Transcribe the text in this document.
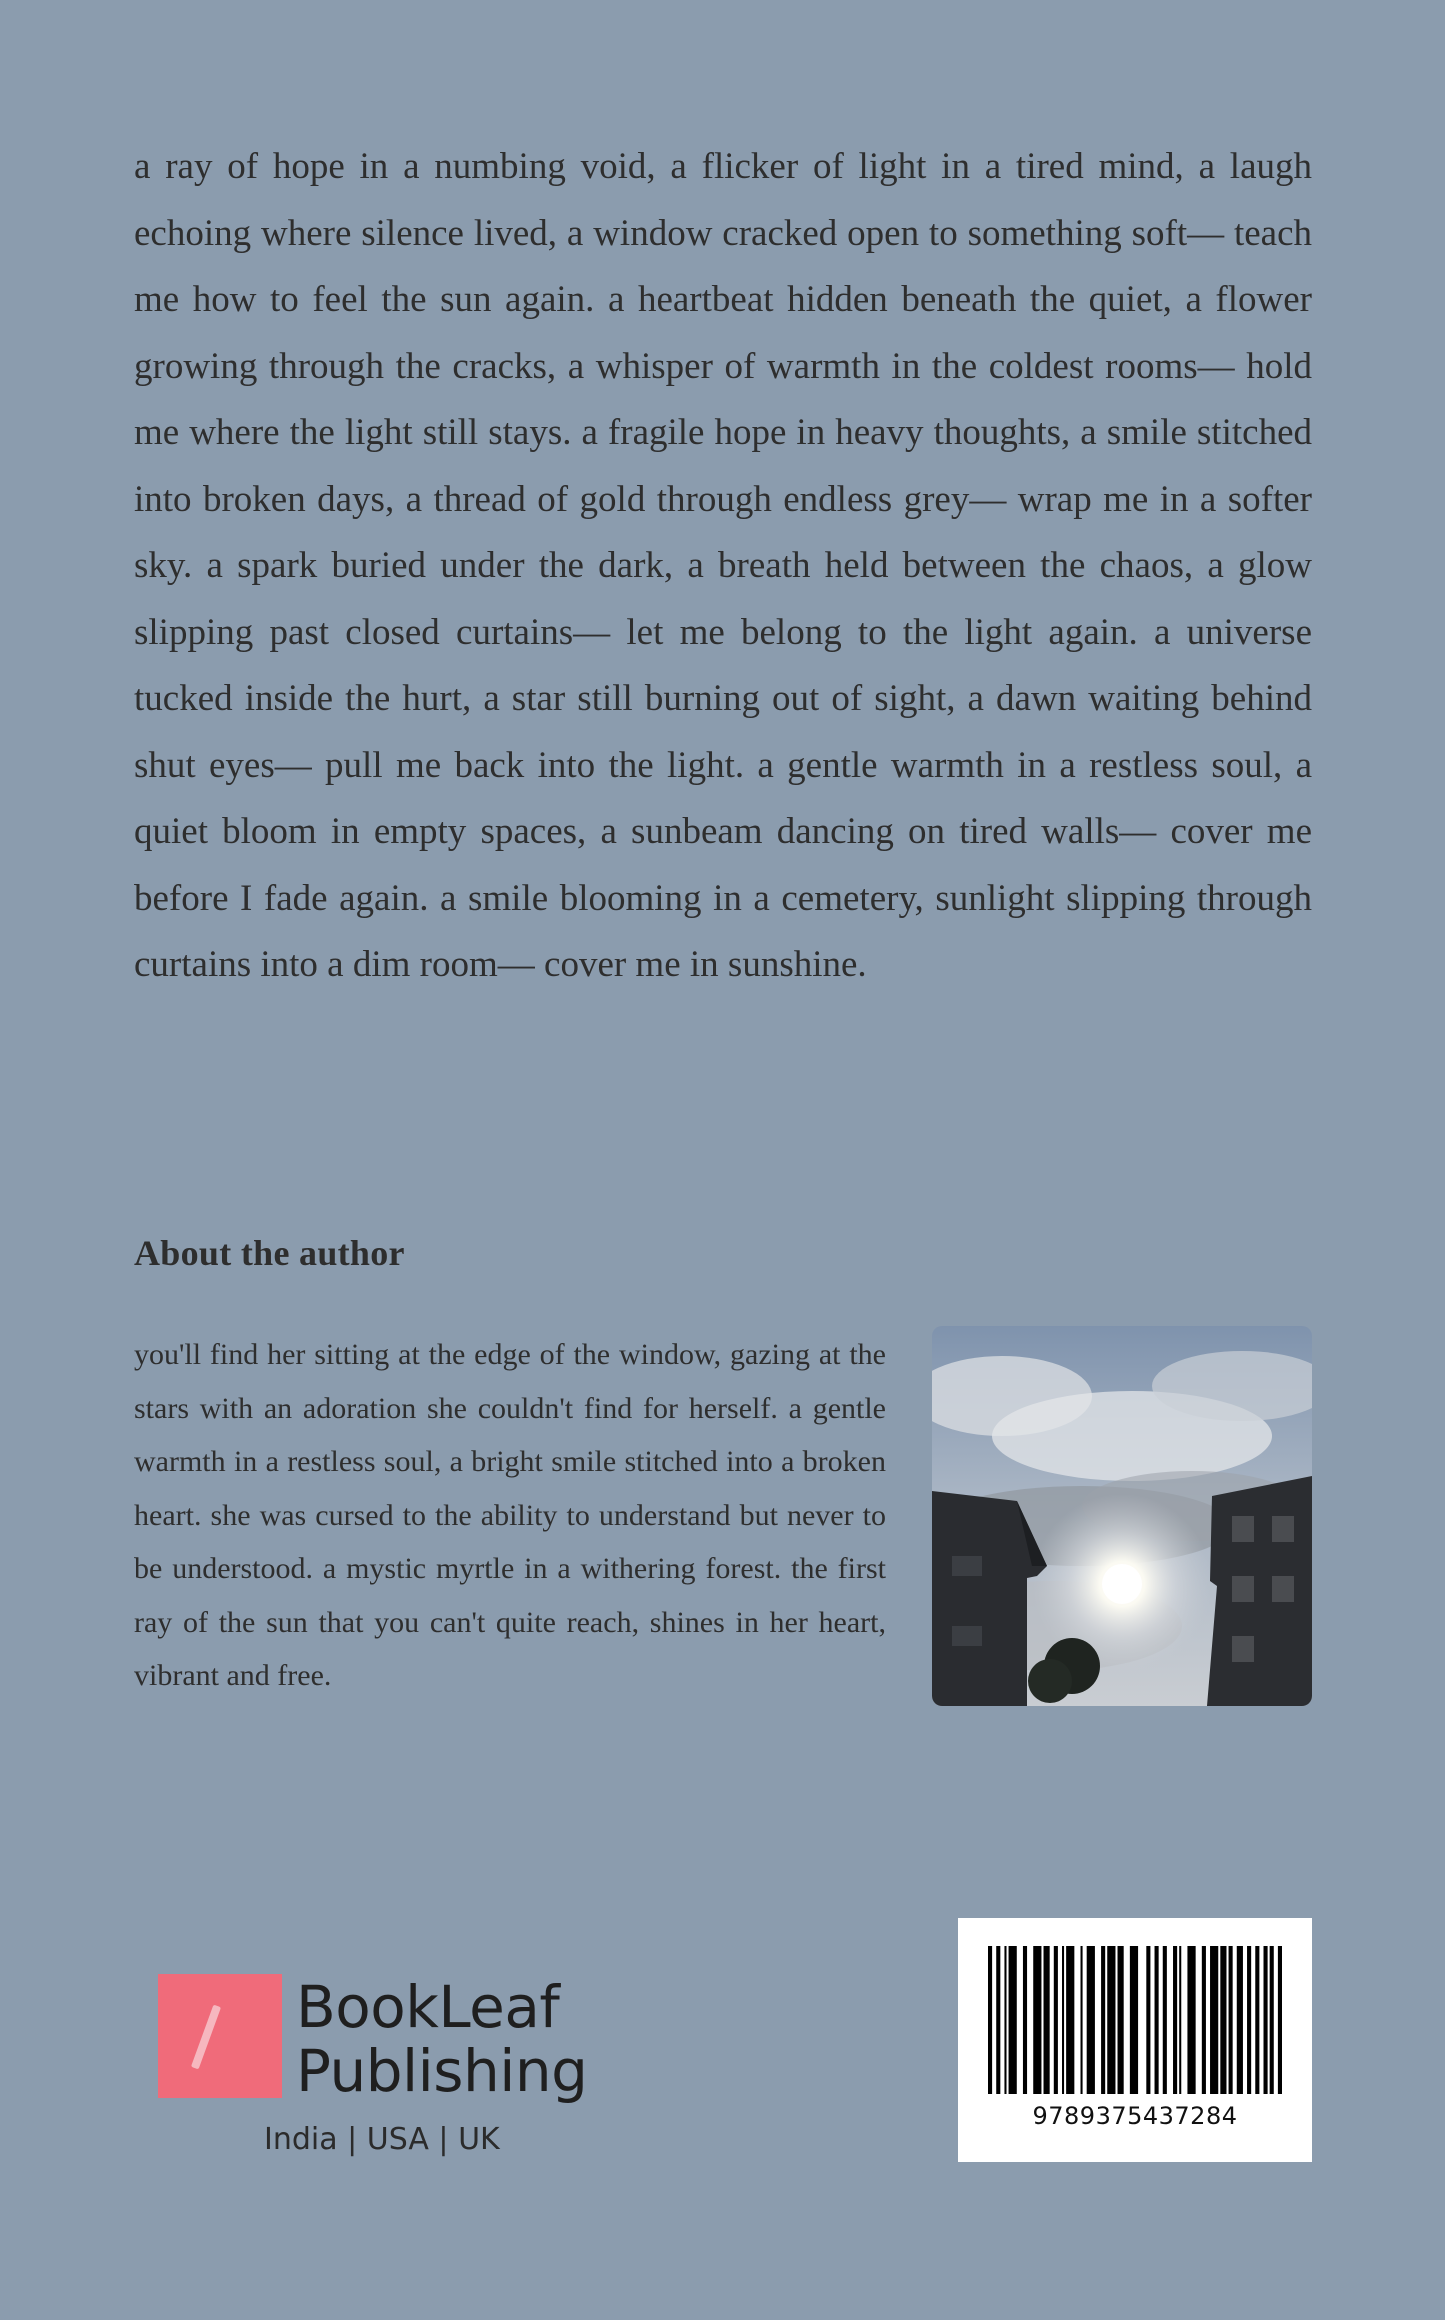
a ray of hope in a numbing void, a flicker of light in a tired mind, a laugh echoing where silence lived, a window cracked open to something soft— teach me how to feel the sun again. a heartbeat hidden beneath the quiet, a flower growing through the cracks, a whisper of warmth in the coldest rooms— hold me where the light still stays. a fragile hope in heavy thoughts, a smile stitched into broken days, a thread of gold through endless grey— wrap me in a softer sky. a spark buried under the dark, a breath held between the chaos, a glow slipping past closed curtains— let me belong to the light again. a universe tucked inside the hurt, a star still burning out of sight, a dawn waiting behind shut eyes— pull me back into the light. a gentle warmth in a restless soul, a quiet bloom in empty spaces, a sunbeam dancing on tired walls— cover me before I fade again. a smile blooming in a cemetery, sunlight slipping through curtains into a dim room— cover me in sunshine.

About the author

you'll find her sitting at the edge of the window, gazing at the stars with an adoration she couldn't find for herself. a gentle warmth in a restless soul, a bright smile stitched into a broken heart. she was cursed to the ability to understand but never to be understood. a mystic myrtle in a withering forest. the first ray of the sun that you can't quite reach, shines in her heart, vibrant and free.

BookLeaf
Publishing
India | USA | UK
9789375437284
